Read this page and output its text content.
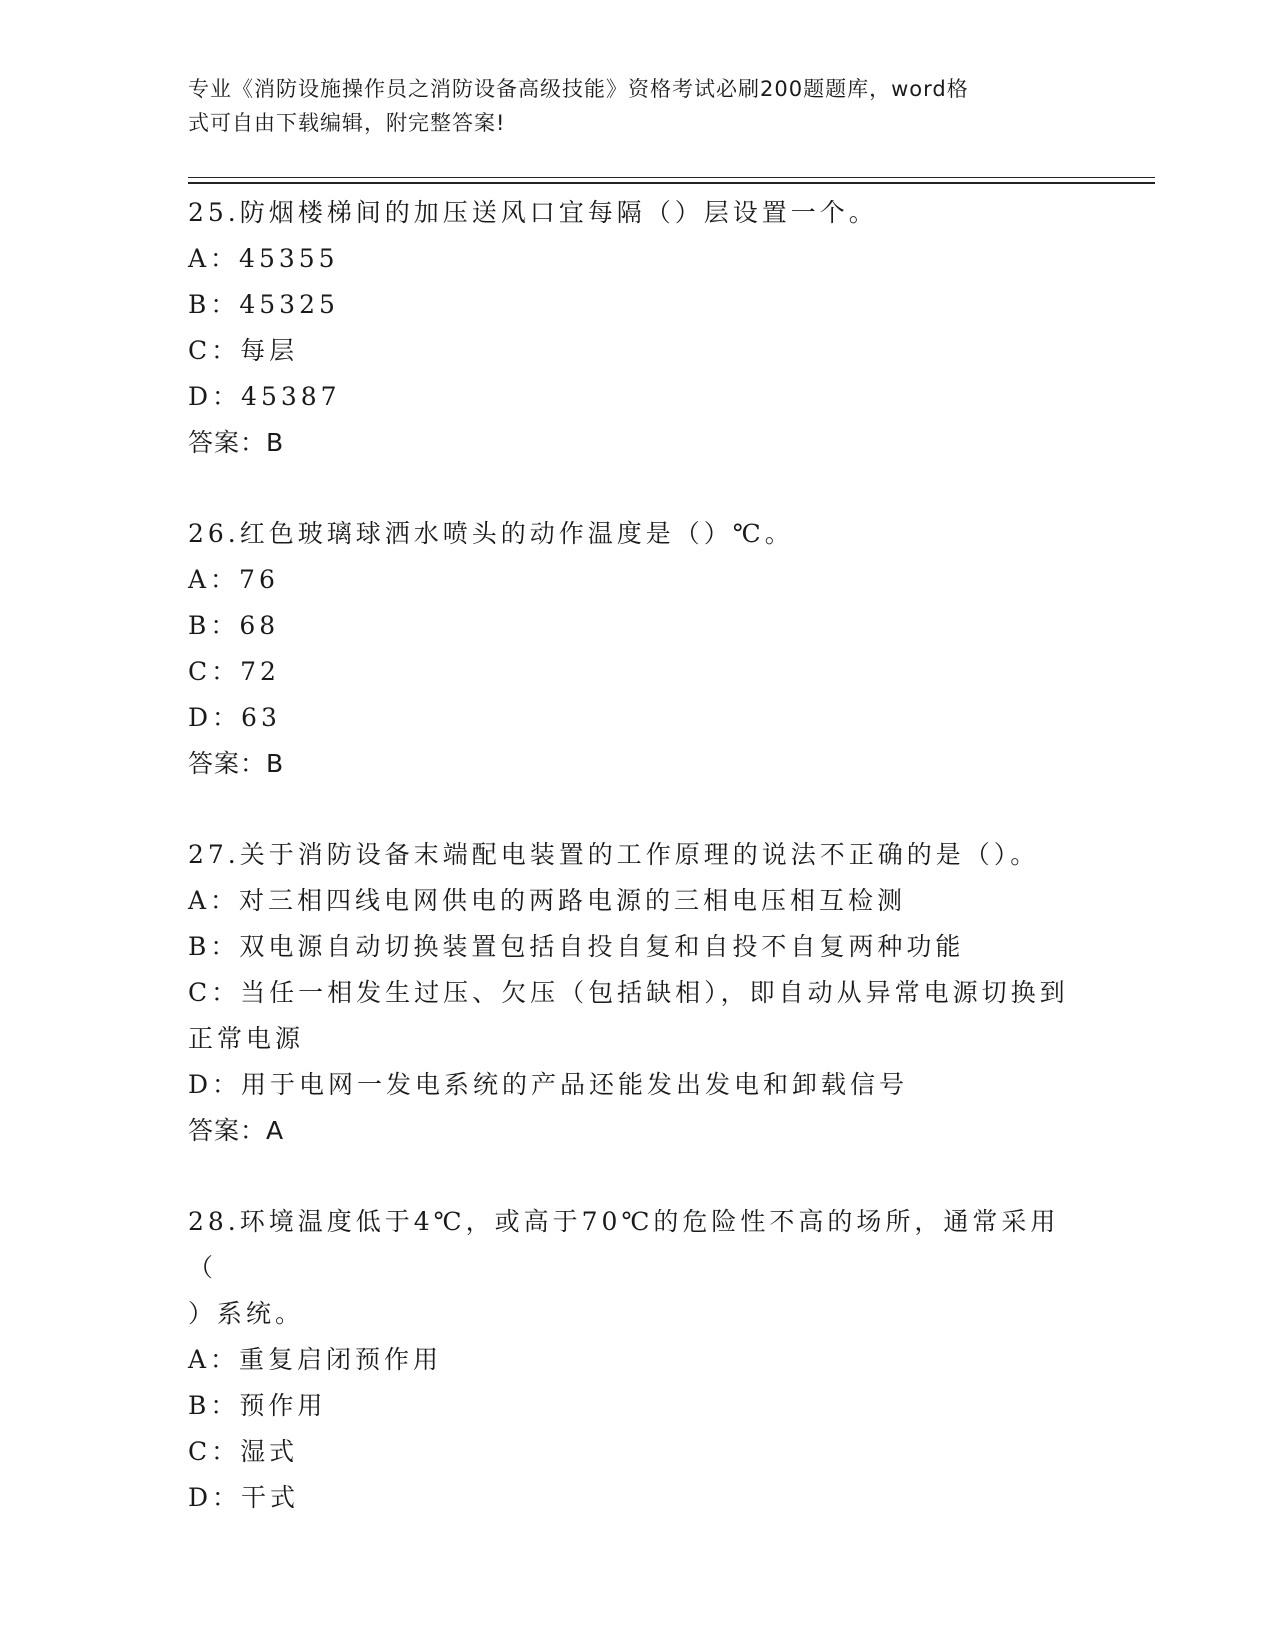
专业《消防设施操作员之消防设备高级技能》资格考试必刷200题题库，word格
式可自由下载编辑，附完整答案!

25.防烟楼梯间的加压送风口宜每隔（）层设置一个。

A：45355

B：45325

C：每层

D：45387

答案：B

26.红色玻璃球洒水喷头的动作温度是（）℃。

A：76

B：68

C：72

D：63

答案：B

27.关于消防设备末端配电装置的工作原理的说法不正确的是（）。

A：对三相四线电网供电的两路电源的三相电压相互检测

B：双电源自动切换装置包括自投自复和自投不自复两种功能

C：当任一相发生过压、欠压（包括缺相），即自动从异常电源切换到

正常电源

D：用于电网一发电系统的产品还能发出发电和卸载信号

答案：A

28.环境温度低于4℃，或高于70℃的危险性不高的场所，通常采用（

）系统。

A：重复启闭预作用

B：预作用

C：湿式

D：干式
